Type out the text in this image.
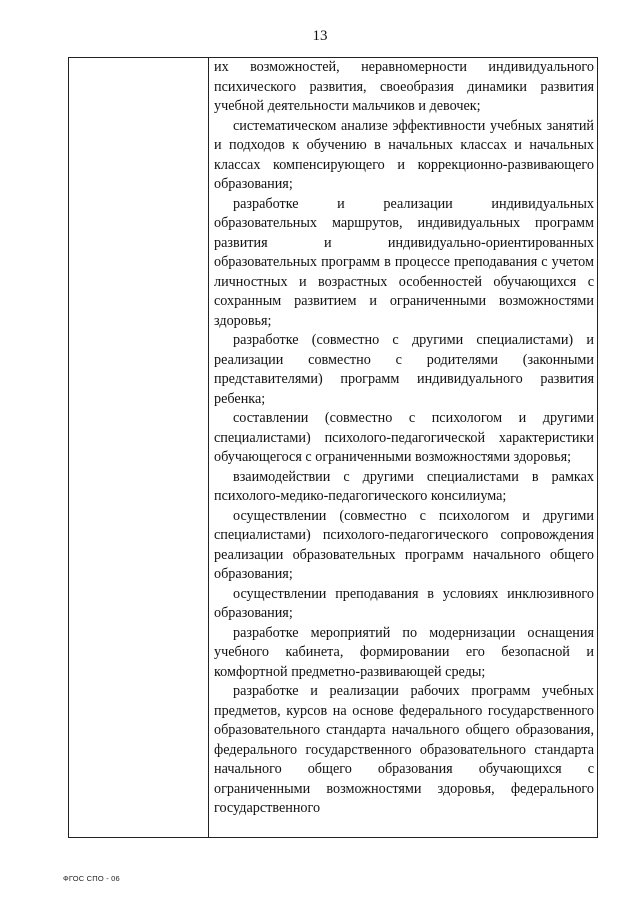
13

их возможностей, неравномерности индивидуального психического развития, своеобразия динамики развития учебной деятельности мальчиков и девочек;

систематическом анализе эффективности учебных занятий и подходов к обучению в начальных классах и начальных классах компенсирующего и коррекционно-развивающего образования;

разработке и реализации индивидуальных образовательных маршрутов, индивидуальных программ развития и индивидуально-ориентированных образовательных программ в процессе преподавания с учетом личностных и возрастных особенностей обучающихся с сохранным развитием и ограниченными возможностями здоровья;

разработке (совместно с другими специалистами) и реализации совместно с родителями (законными представителями) программ индивидуального развития ребенка;

составлении (совместно с психологом и другими специалистами) психолого-педагогической характеристики обучающегося с ограниченными возможностями здоровья;

взаимодействии с другими специалистами в рамках психолого-медико-педагогического консилиума;

осуществлении (совместно с психологом и другими специалистами) психолого-педагогического сопровождения реализации образовательных программ начального общего образования;

осуществлении преподавания в условиях инклюзивного образования;

разработке мероприятий по модернизации оснащения учебного кабинета, формировании его безопасной и комфортной предметно-развивающей среды;

разработке и реализации рабочих программ учебных предметов, курсов на основе федерального государственного образовательного стандарта начального общего образования, федерального государственного образовательного стандарта начального общего образования обучающихся с ограниченными возможностями здоровья, федерального государственного

ФГОС СПО - 06
